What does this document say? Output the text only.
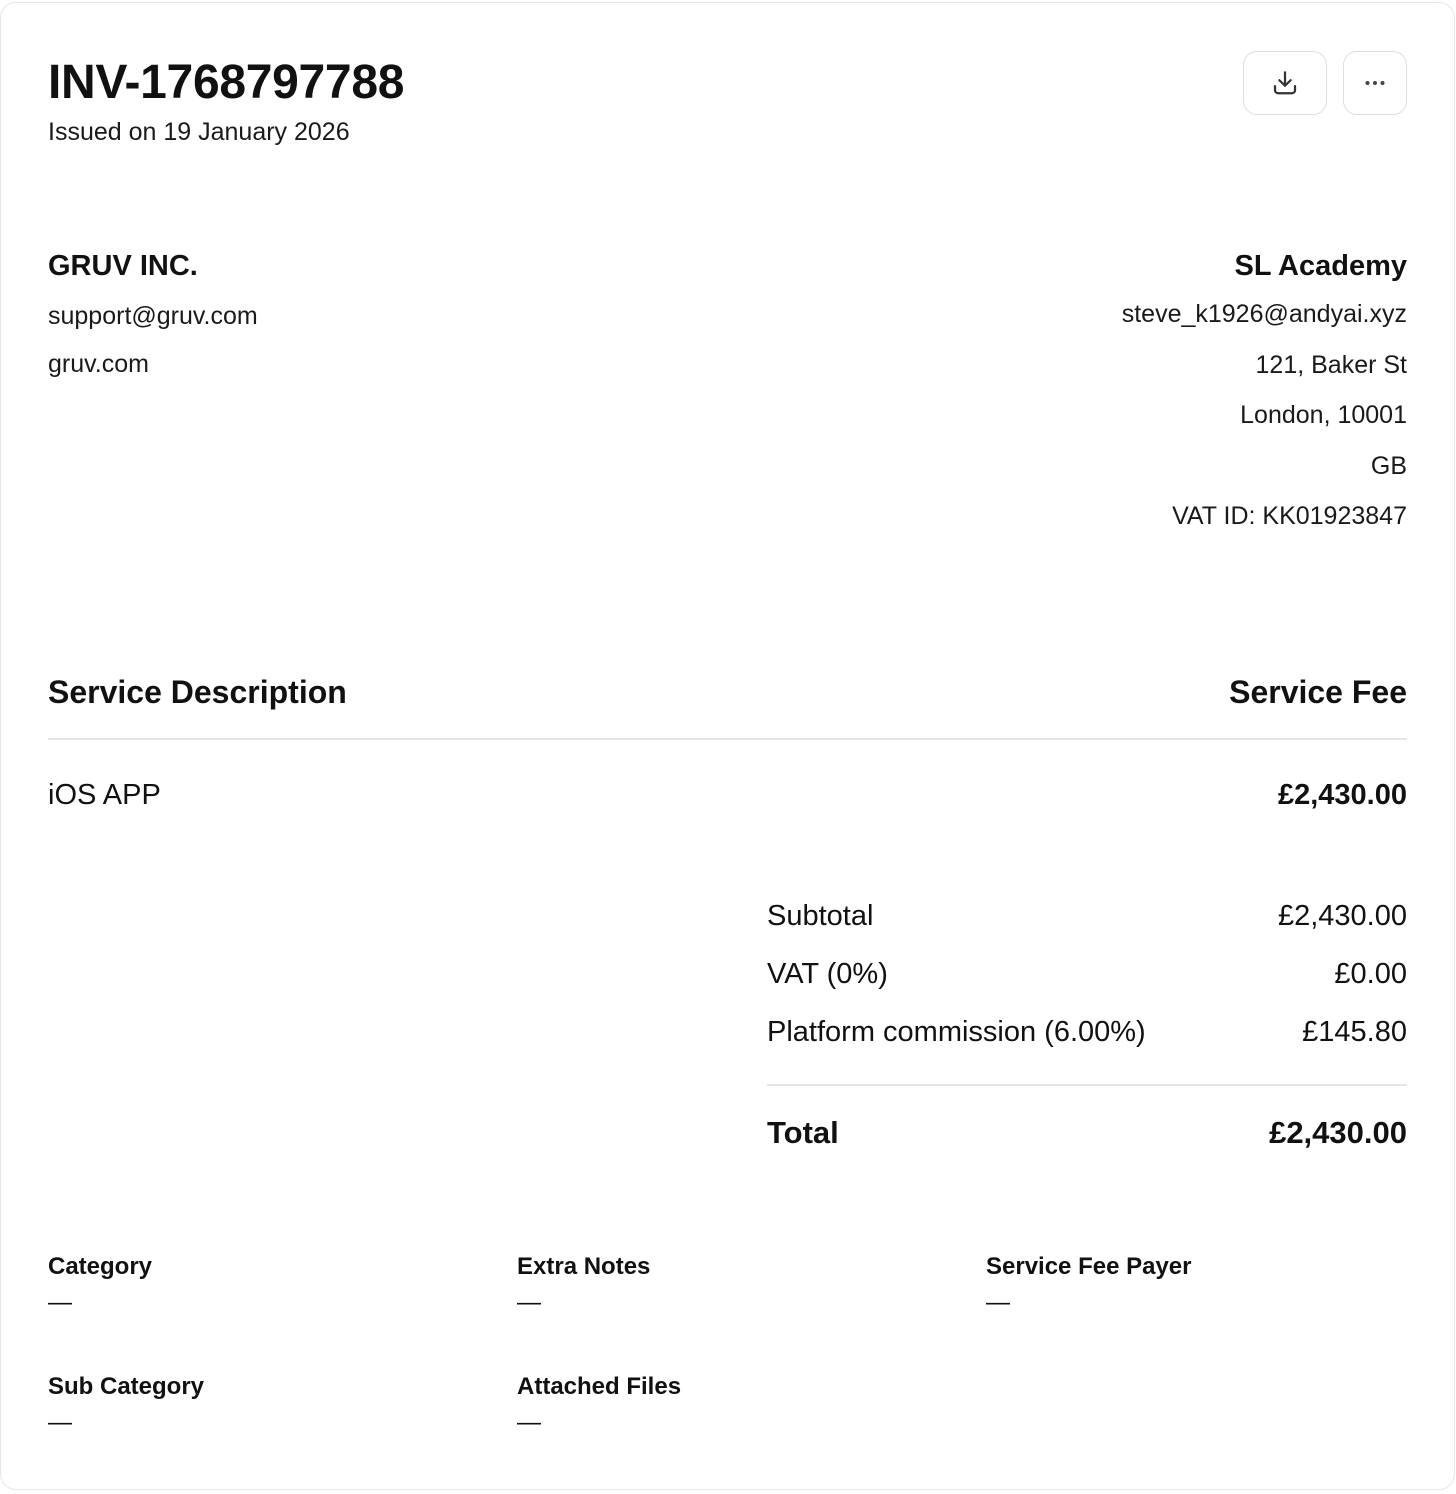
INV-1768797788
Issued on 19 January 2026
GRUV INC.
support@gruv.com
gruv.com
SL Academy
steve_k1926@andyai.xyz
121, Baker St
London, 10001
GB
VAT ID: KK01923847
Service Description	Service Fee
iOS APP	£2,430.00
Subtotal	£2,430.00
VAT (0%)	£0.00
Platform commission (6.00%)	£145.80
Total	£2,430.00
Category
—
Extra Notes
—
Service Fee Payer
—
Sub Category
—
Attached Files
—
